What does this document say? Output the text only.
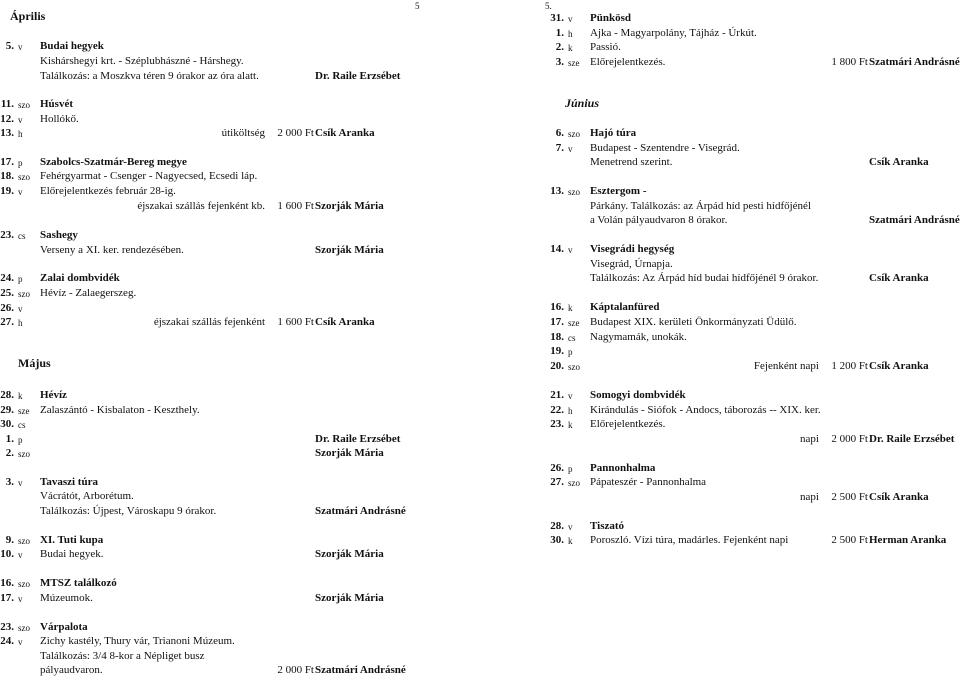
5	5.
Április
Május
Június
5. v Budai hegyek
Kishárshegyi krt. - Széplubhászné - Hárshegy.
Találkozás: a Moszkva téren 9 órakor az óra alatt.	Dr. Raile Erzsébet
11. szo Húsvét
12. v Hollókő.
13. h	útiköltség 2 000 Ft Csík Aranka
17. p Szabolcs-Szatmár-Bereg megye
18. szo Fehérgyarmat - Csenger - Nagyecsed, Ecsedi láp.
19. v Előrejelentkezés február 28-ig.
éjszakai szállás fejenként kb. 1 600 Ft Szorják Mária
23. cs Sashegy
Verseny a XI. ker. rendezésében.	Szorják Mária
24. p Zalai dombvidék
25. szo Hévíz - Zalaegerszeg.
26. v
27. h	éjszakai szállás fejenként 1 600 Ft Csík Aranka
28. k Hévíz
29. sze Zalaszántó - Kisbalaton - Keszthely.
30. cs
1. p	Dr. Raile Erzsébet
2. szo	Szorják Mária
3. v Tavaszi túra
Vácrátót, Arborétum.
Találkozás: Újpest, Városkapu 9 órakor.	Szatmári Andrásné
9. szo XI. Tuti kupa
10. v Budai hegyek.	Szorják Mária
16. szo MTSZ találkozó
17. v Múzeumok.	Szorják Mária
23. szo Várpalota
24. v Zichy kastély, Thury vár, Trianoni Múzeum.
Találkozás: 3/4 8-kor a Népliget busz
pályaudvaron.	2 000 Ft Szatmári Andrásné
31. v Pünkösd
1. h Ajka - Magyarpolány, Tájház - Úrkút.
2. k Passió.
3. sze Előrejelentkezés.	1 800 Ft Szatmári Andrásné
6. szo Hajó túra
7. v Budapest - Szentendre - Visegrád.
Menetrend szerint.	Csík Aranka
13. szo Esztergom -
Párkány. Találkozás: az Árpád híd pesti hídfőjénél
a Volán pályaudvaron 8 órakor.	Szatmári Andrásné
14. v Visegrádi hegység
Visegrád, Úrnapja.
Találkozás: Az Árpád híd budai hídfőjénél 9 órakor.	Csík Aranka
16. k Káptalanfüred
17. sze Budapest XIX. kerületi Önkormányzati Üdülő.
18. cs Nagymamák, unokák.
19. p
20. szo	Fejenként napi 1 200 Ft Csík Aranka
21. v Somogyi dombvidék
22. h Kirándulás - Siófok - Andocs, táborozás -- XIX. ker.
23. k Előrejelentkezés.
napi 2 000 Ft Dr. Raile Erzsébet
26. p Pannonhalma
27. szo Pápateszér - Pannonhalma
napi 2 500 Ft Csík Aranka
28. v Tiszató
30. k Poroszló. Vízi túra, madárles. Fejenként napi	2 500 Ft Herman Aranka
